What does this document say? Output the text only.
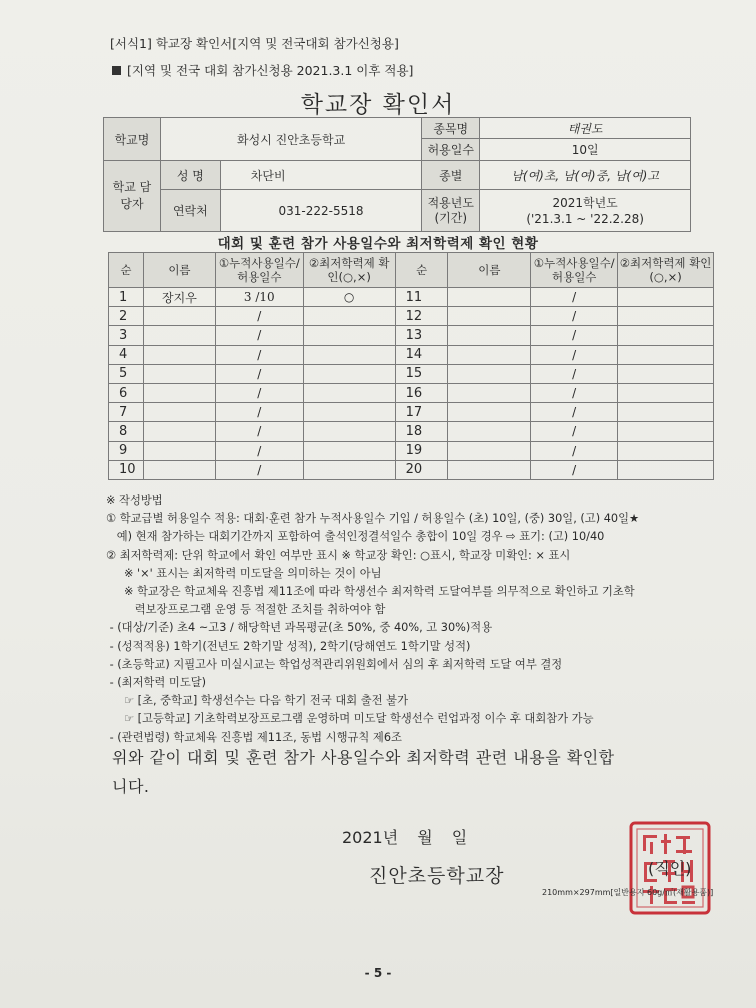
[서식1] 학교장 확인서[지역 및 전국대회 참가신청용]
[지역 및 전국 대회 참가신청용 2021.3.1 이후 적용]
학교장 확인서
학교명	화성시 진안초등학교		종목명	태권도
			허용일수	10일
학교 담당자	성 명	차단비	종별	남(여)초, 남(여)중, 남(여)고
	연락처	031-222-5518	적용년도 (기간)	2021학년도
('21.3.1 ~ '22.2.28)
대회 및 훈련 참가 사용일수와 최저학력제 확인 현황
순	이름	①누적사용일수/ 허용일수	②최저학력제 확인(○,×)	순	이름	①누적사용일수/ 허용일수	②최저학력제 확인(○,×)
1	장지우	3 /10	○	11		/	
2		/		12		/	
3		/		13		/	
4		/		14		/	
5		/		15		/	
6		/		16		/	
7		/		17		/	
8		/		18		/	
9		/		19		/	
10		/		20		/	
※ 작성방법
① 학교급별 허용일수 적용: 대회·훈련 참가 누적사용일수 기입 / 허용일수 (초) 10일, (중) 30일, (고) 40일★
예) 현재 참가하는 대회기간까지 포함하여 출석인정결석일수 총합이 10일 경우 ⇨ 표기: (고) 10/40
② 최저학력제: 단위 학교에서 확인 여부만 표시 ※ 학교장 확인: ○표시, 학교장 미확인: × 표시
※ '×' 표시는 최저학력 미도달을 의미하는 것이 아님
※ 학교장은 학교체육 진흥법 제11조에 따라 학생선수 최저학력 도달여부를 의무적으로 확인하고 기초학
력보장프로그램 운영 등 적절한 조치를 취하여야 함
- (대상/기준) 초4 ~고3 / 해당학년 과목평균(초 50%, 중 40%, 고 30%)적용
- (성적적용) 1학기(전년도 2학기말 성적), 2학기(당해연도 1학기말 성적)
- (초등학교) 지필고사 미실시교는 학업성적관리위원회에서 심의 후 최저학력 도달 여부 결정
- (최저학력 미도달)
☞ [초, 중학교] 학생선수는 다음 학기 전국 대회 출전 불가
☞ [고등학교] 기초학력보장프로그램 운영하며 미도달 학생선수 런업과정 이수 후 대회참가 가능
- (관련법령) 학교체육 진흥법 제11조, 동법 시행규칙 제6조
위와 같이 대회 및 훈련 참가 사용일수와 최저학력 관련 내용을 확인합
니다.
2021년 월 일
진안초등학교장	(직인)
210mm×297mm[일반용지 60g/㎡(재활용품)]
- 5 -
